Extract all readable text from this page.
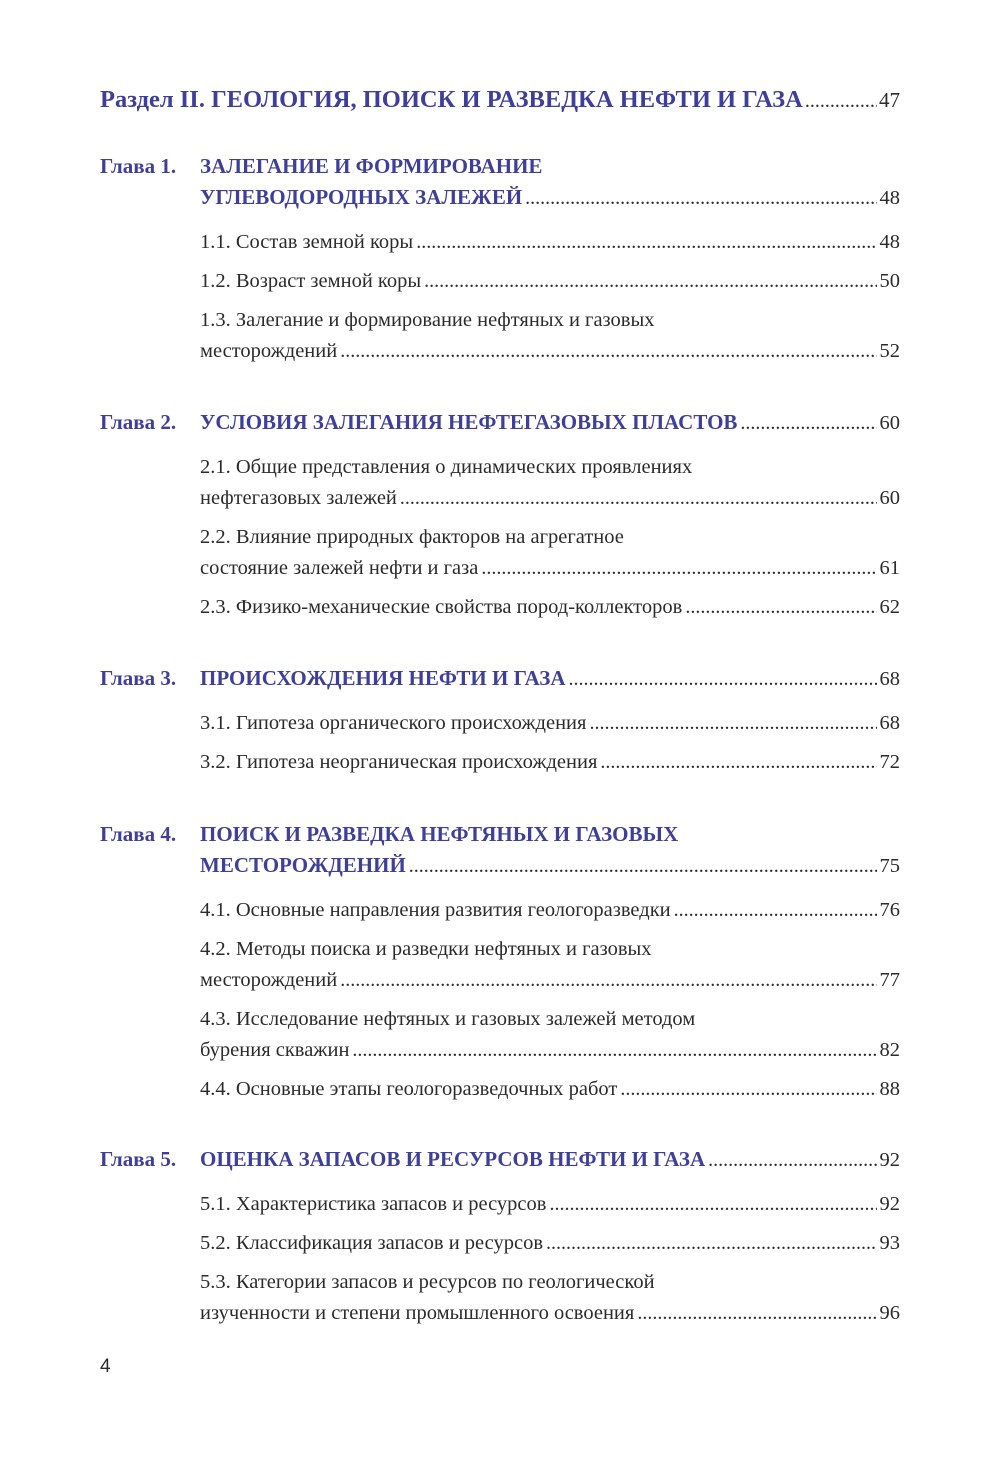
Раздел II. ГЕОЛОГИЯ, ПОИСК И РАЗВЕДКА НЕФТИ И ГАЗА .....	47
Глава 1.	ЗАЛЕГАНИЕ И ФОРМИРОВАНИЕ
УГЛЕВОДОРОДНЫХ ЗАЛЕЖЕЙ .....	48
1.1. Состав земной коры .....	48
1.2. Возраст земной коры .....	50
1.3. Залегание и формирование нефтяных и газовых
месторождений .....	52
Глава 2.	УСЛОВИЯ ЗАЛЕГАНИЯ НЕФТЕГАЗОВЫХ ПЛАСТОВ .....	60
2.1. Общие представления о динамических проявлениях
нефтегазовых залежей .....	60
2.2. Влияние природных факторов на агрегатное
состояние залежей нефти и газа .....	61
2.3. Физико-механические свойства пород-коллекторов .....	62
Глава 3.	ПРОИСХОЖДЕНИЯ НЕФТИ И ГАЗА .....	68
3.1. Гипотеза органического происхождения .....	68
3.2. Гипотеза неорганическая происхождения .....	72
Глава 4.	ПОИСК И РАЗВЕДКА НЕФТЯНЫХ И ГАЗОВЫХ
МЕСТОРОЖДЕНИЙ .....	75
4.1. Основные направления развития геологоразведки .....	76
4.2. Методы поиска и разведки нефтяных и газовых
месторождений .....	77
4.3. Исследование нефтяных и газовых залежей методом
бурения скважин .....	82
4.4. Основные этапы геологоразведочных работ .....	88
Глава 5.	ОЦЕНКА ЗАПАСОВ И РЕСУРСОВ НЕФТИ И ГАЗА .....	92
5.1. Характеристика запасов и ресурсов .....	92
5.2. Классификация запасов и ресурсов .....	93
5.3. Категории запасов и ресурсов по геологической
изученности и степени промышленного освоения .....	96
4
